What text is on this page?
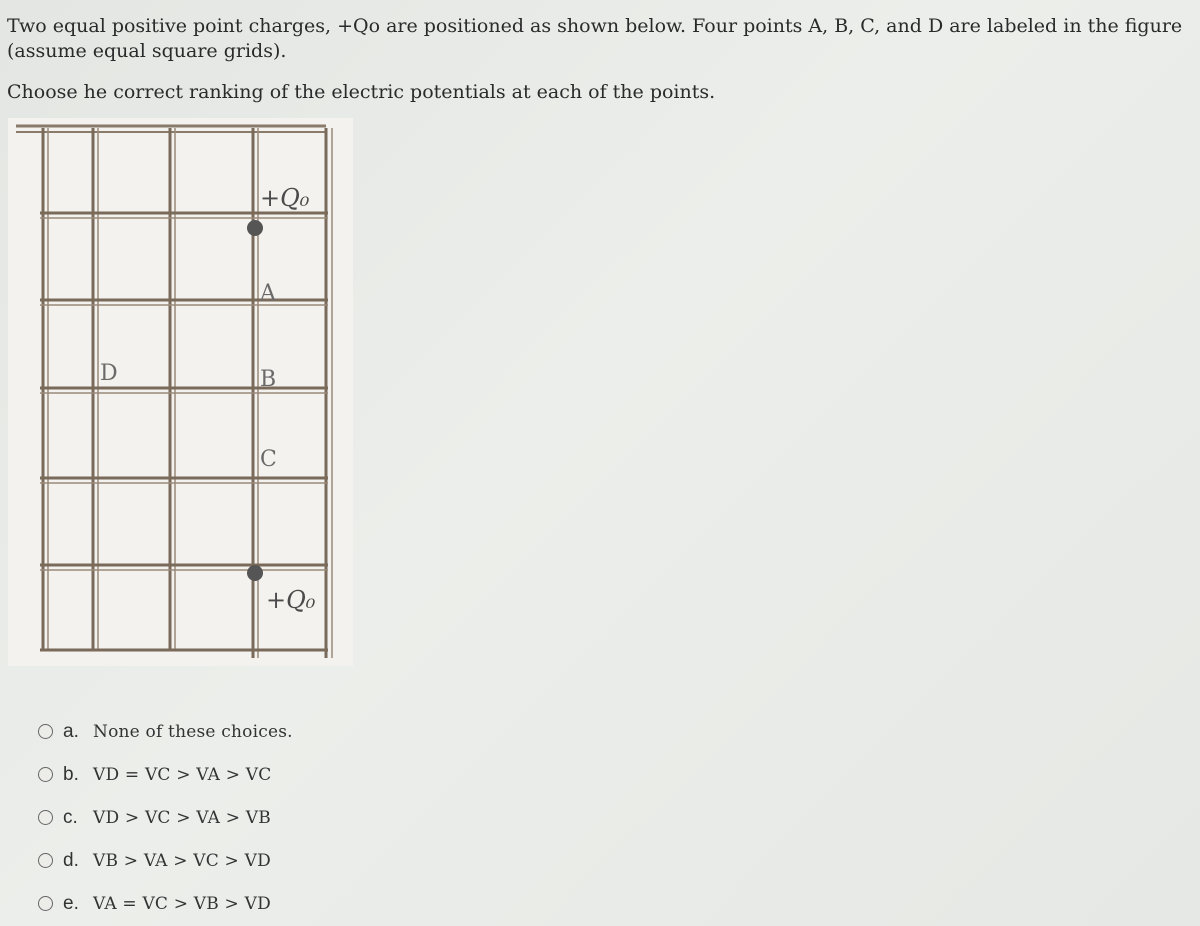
Two equal positive point charges, +Qo are positioned as shown below. Four points A, B, C, and D are labeled in the figure (assume equal square grids).
Choose he correct ranking of the electric potentials at each of the points.
+Q₀
+Q₀
A
B
C
D
a. None of these choices.
b. VD = VC > VA > VC
c. VD > VC > VA > VB
d. VB > VA > VC > VD
e. VA = VC > VB > VD
